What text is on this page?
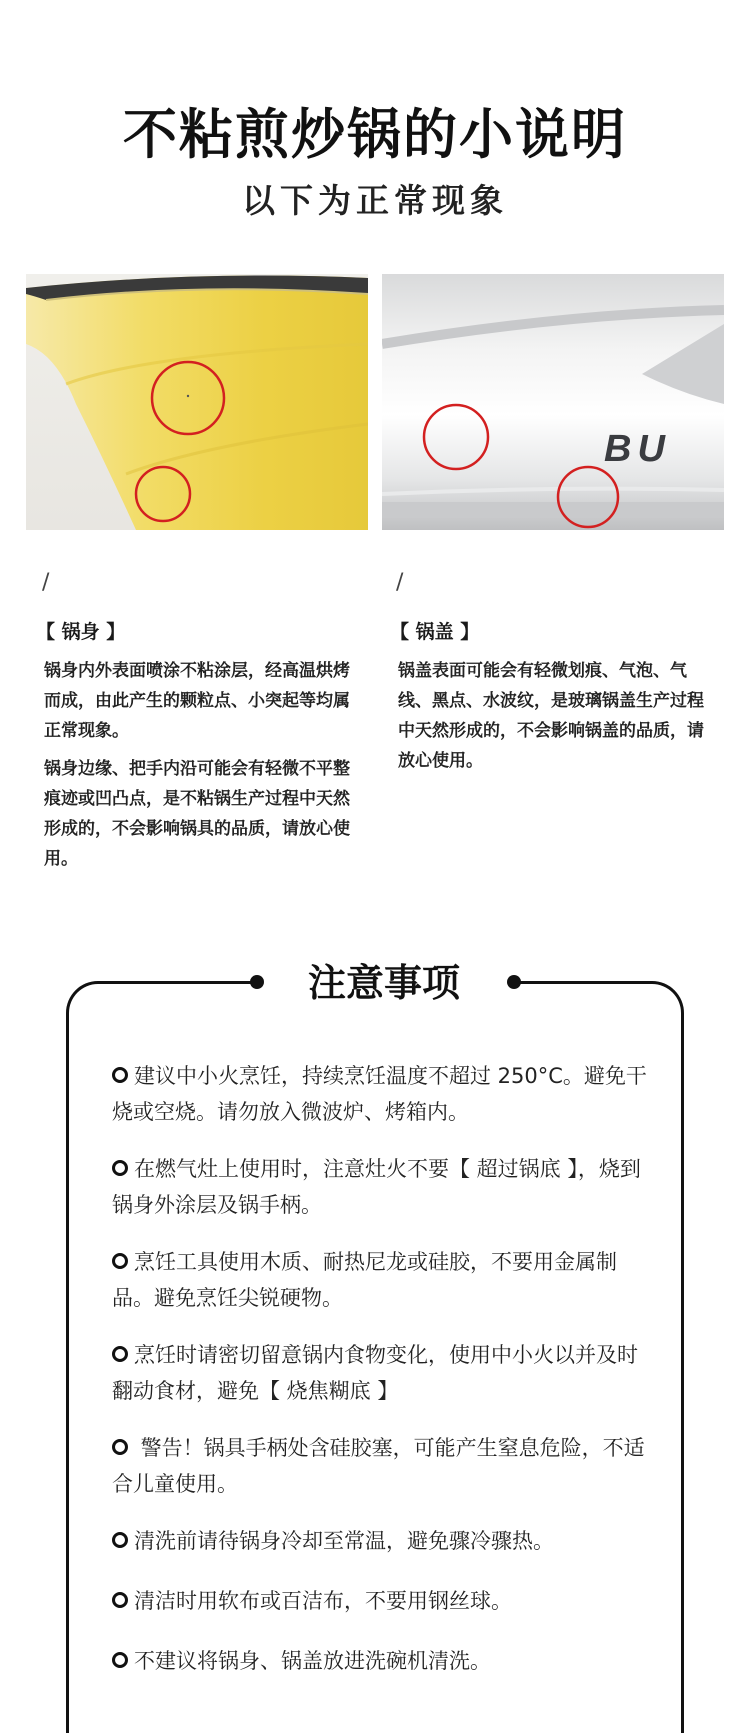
不粘煎炒锅的小说明
以下为正常现象
BU
/
【 锅身 】

锅身内外表面喷涂不粘涂层，经高温烘烤而成，由此产生的颗粒点、小突起等均属正常现象。

锅身边缘、把手内沿可能会有轻微不平整痕迹或凹凸点，是不粘锅生产过程中天然形成的，不会影响锅具的品质，请放心使用。

/
【 锅盖 】

锅盖表面可能会有轻微划痕、气泡、气线、黑点、水波纹，是玻璃锅盖生产过程中天然形成的，不会影响锅盖的品质，请放心使用。

注意事项
建议中小火烹饪，持续烹饪温度不超过 250°C。避免干烧或空烧。请勿放入微波炉、烤箱内。
在燃气灶上使用时，注意灶火不要【 超过锅底 】，烧到锅身外涂层及锅手柄。
烹饪工具使用木质、耐热尼龙或硅胶，不要用金属制品。避免烹饪尖锐硬物。
烹饪时请密切留意锅内食物变化，使用中小火以并及时翻动食材，避免【 烧焦糊底 】
警告！锅具手柄处含硅胶塞，可能产生窒息危险，不适合儿童使用。
清洗前请待锅身冷却至常温，避免骤冷骤热。
清洁时用软布或百洁布，不要用钢丝球。
不建议将锅身、锅盖放进洗碗机清洗。
